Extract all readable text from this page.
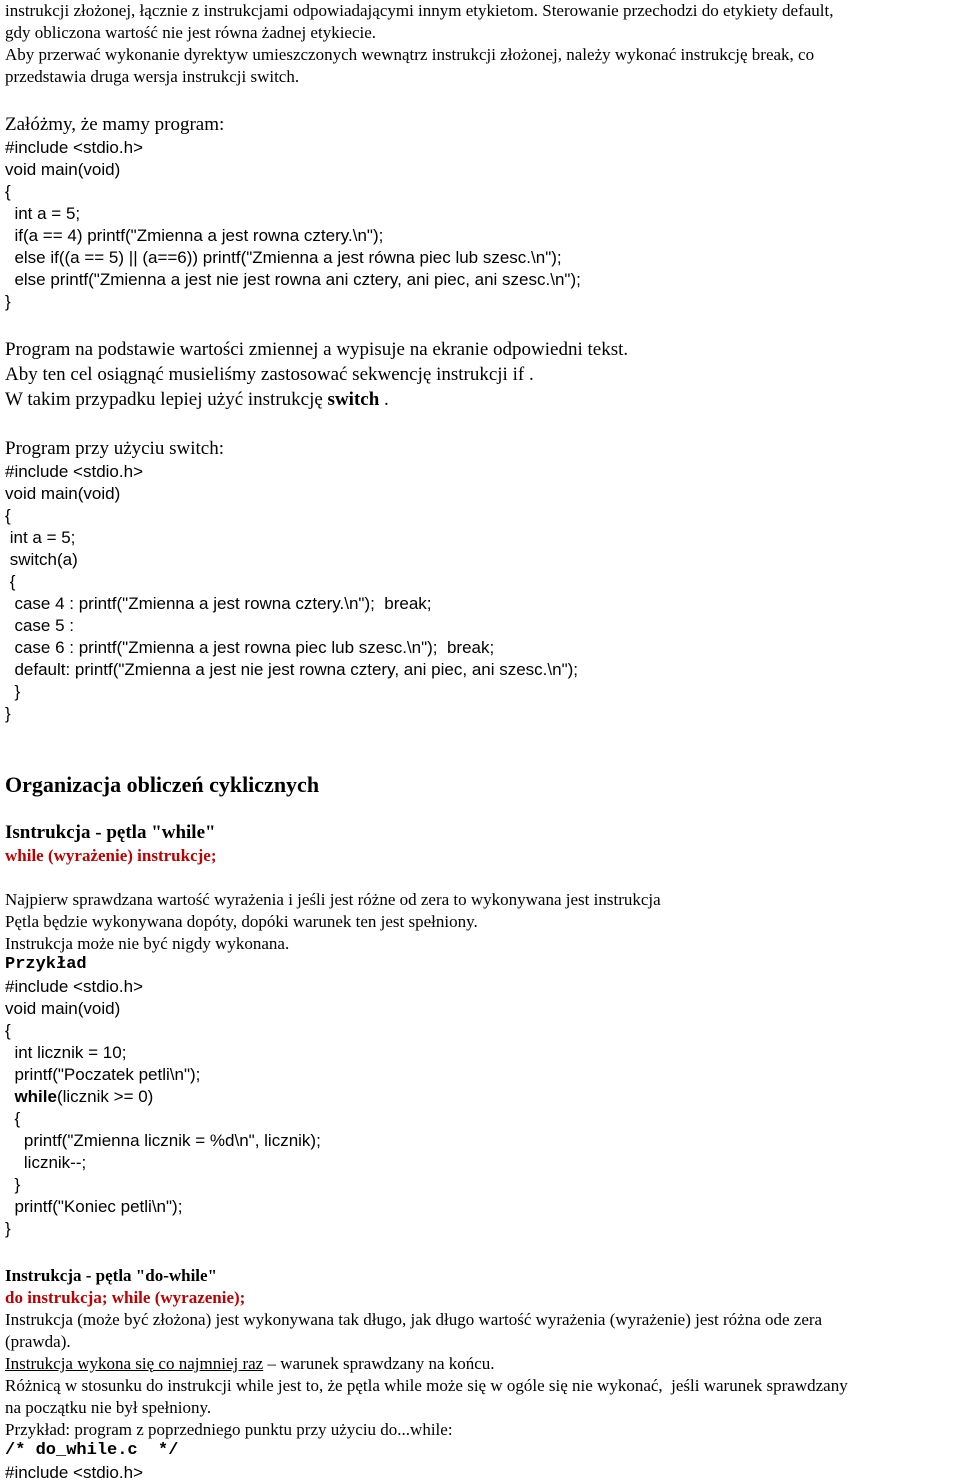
instrukcji złożonej, łącznie z instrukcjami odpowiadającymi innym etykietom. Sterowanie przechodzi do etykiety default,
gdy obliczona wartość nie jest równa żadnej etykiecie.
Aby przerwać wykonanie dyrektyw umieszczonych wewnątrz instrukcji złożonej, należy wykonać instrukcję break, co
przedstawia druga wersja instrukcji switch.
Załóżmy, że mamy program:
#include <stdio.h>
void main(void)
{
int a = 5;
if(a == 4) printf("Zmienna a jest rowna cztery.\n");
else if((a == 5) || (a==6)) printf("Zmienna a jest równa piec lub szesc.\n");
else printf("Zmienna a jest nie jest rowna ani cztery, ani piec, ani szesc.\n");
}
Program na podstawie wartości zmiennej a wypisuje na ekranie odpowiedni tekst.
Aby ten cel osiągnąć musieliśmy zastosować sekwencję instrukcji if .
W takim przypadku lepiej użyć instrukcję switch .
Program przy użyciu switch:
#include <stdio.h>
void main(void)
{
int a = 5;
switch(a)
{
case 4 : printf("Zmienna a jest rowna cztery.\n");  break;
case 5 :
case 6 : printf("Zmienna a jest rowna piec lub szesc.\n");  break;
default: printf("Zmienna a jest nie jest rowna cztery, ani piec, ani szesc.\n");
}
}
Organizacja obliczeń cyklicznych
Isntrukcja - pętla "while"
while (wyrażenie) instrukcje;
Najpierw sprawdzana wartość wyrażenia i jeśli jest różne od zera to wykonywana jest instrukcja
Pętla będzie wykonywana dopóty, dopóki warunek ten jest spełniony.
Instrukcja może nie być nigdy wykonana.
Przykład
#include <stdio.h>
void main(void)
{
int licznik = 10;
printf("Poczatek petli\n");
while(licznik >= 0)
{
printf("Zmienna licznik = %d\n", licznik);
licznik--;
}
printf("Koniec petli\n");
}
Instrukcja - pętla "do-while"
do instrukcja; while (wyrazenie);
Instrukcja (może być złożona) jest wykonywana tak długo, jak długo wartość wyrażenia (wyrażenie) jest różna ode zera
(prawda).
Instrukcja wykona się co najmniej raz – warunek sprawdzany na końcu.
Różnicą w stosunku do instrukcji while jest to, że pętla while może się w ogóle się nie wykonać,  jeśli warunek sprawdzany
na początku nie był spełniony.
Przykład: program z poprzedniego punktu przy użyciu do...while:
/* do_while.c  */
#include <stdio.h>
